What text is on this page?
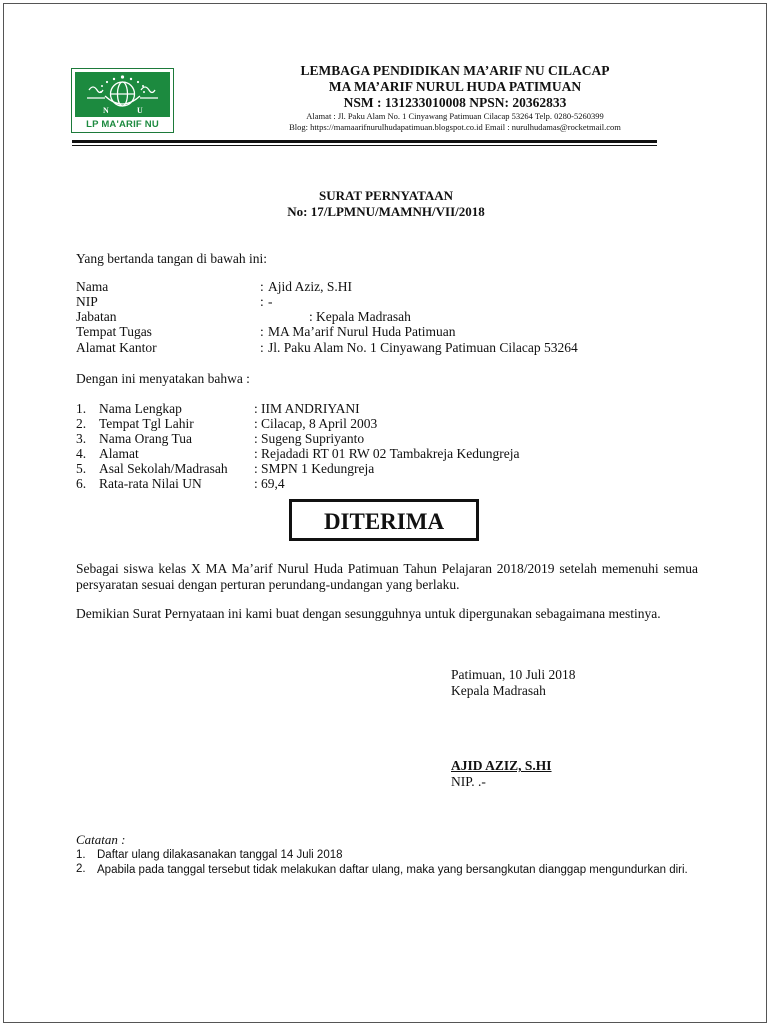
N	U
LP MA'ARIF NU
LEMBAGA PENDIDIKAN MA’ARIF NU CILACAP
MA MA’ARIF NURUL HUDA PATIMUAN
NSM : 131233010008 NPSN: 20362833
Alamat : Jl. Paku Alam No. 1 Cinyawang Patimuan Cilacap 53264 Telp. 0280-5260399
Blog: https://mamaarifnurulhudapatimuan.blogspot.co.id Email : nurulhudamas@rocketmail.com
SURAT PERNYATAAN
No: 17/LPMNU/MAMNH/VII/2018
Yang bertanda tangan di bawah ini:
Nama	: Ajid Aziz, S.HI
NIP	: -
Jabatan	: Kepala Madrasah
Tempat Tugas	: MA Ma’arif Nurul Huda Patimuan
Alamat Kantor	: Jl. Paku Alam No. 1 Cinyawang Patimuan Cilacap 53264
Dengan ini menyatakan bahwa :
1. Nama Lengkap	: IIM ANDRIYANI
2. Tempat Tgl Lahir	: Cilacap, 8 April 2003
3. Nama Orang Tua	: Sugeng Supriyanto
4. Alamat	: Rejadadi RT 01 RW 02 Tambakreja Kedungreja
5. Asal Sekolah/Madrasah : SMPN 1 Kedungreja
6. Rata-rata Nilai UN	: 69,4
DITERIMA
Sebagai siswa kelas X MA Ma’arif Nurul Huda Patimuan Tahun Pelajaran 2018/2019 setelah memenuhi semua persyaratan sesuai dengan perturan perundang-undangan yang berlaku.
Demikian Surat Pernyataan ini kami buat dengan sesungguhnya untuk dipergunakan sebagaimana mestinya.
Patimuan, 10 Juli 2018
Kepala Madrasah
AJID AZIZ, S.HI
NIP. .-
Catatan :
1. Daftar ulang dilakasanakan tanggal 14 Juli 2018
2. Apabila pada tanggal tersebut tidak melakukan daftar ulang, maka yang bersangkutan dianggap mengundurkan diri.
